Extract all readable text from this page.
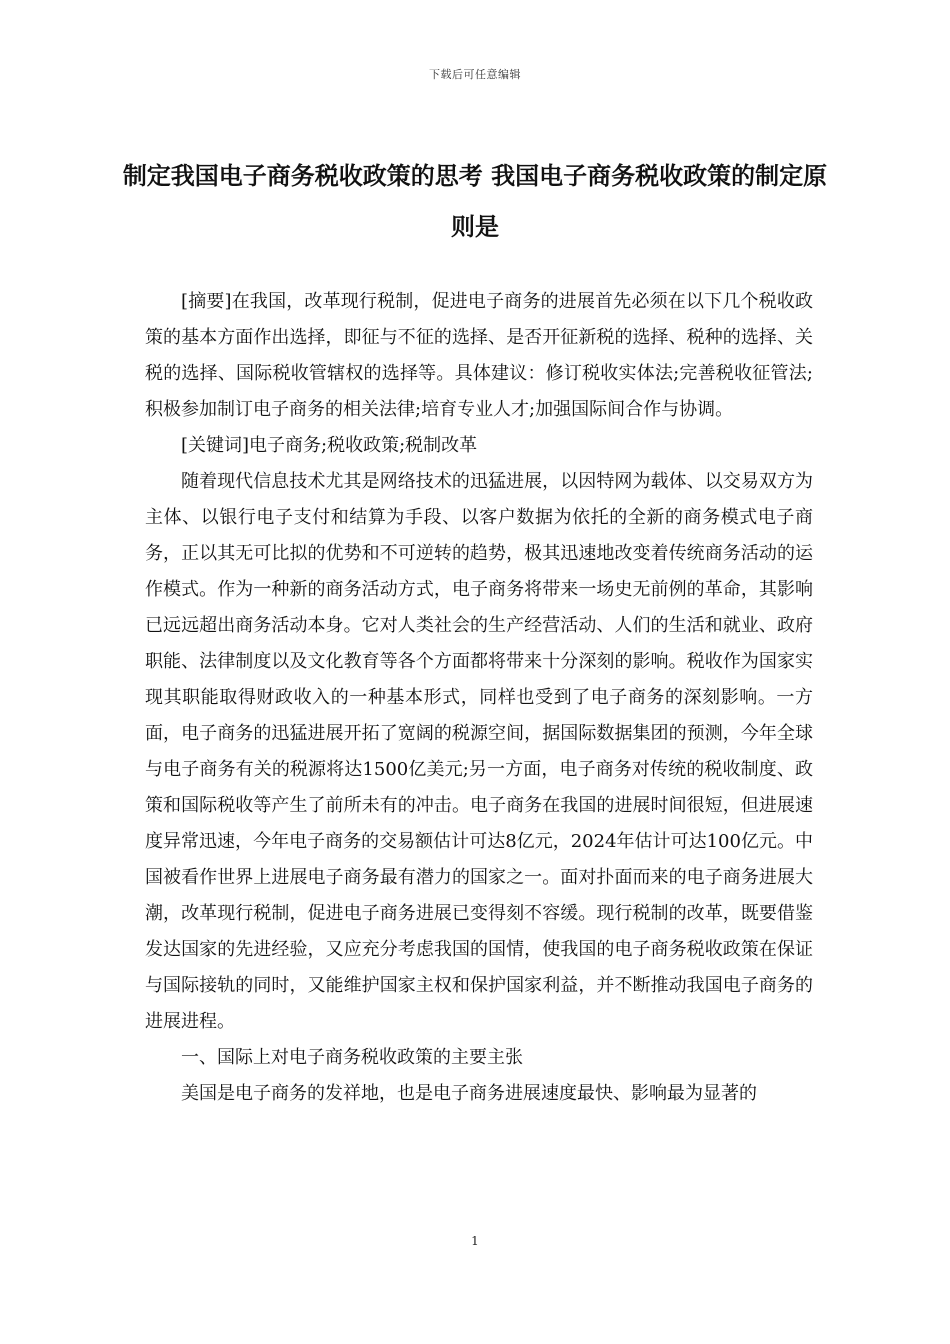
下载后可任意编辑
制定我国电子商务税收政策的思考 我国电子商务税收政策的制定原则是

[摘要]在我国，改革现行税制，促进电子商务的进展首先必须在以下几个税收政策的基本方面作出选择，即征与不征的选择、是否开征新税的选择、税种的选择、关税的选择、国际税收管辖权的选择等。具体建议：修订税收实体法;完善税收征管法;积极参加制订电子商务的相关法律;培育专业人才;加强国际间合作与协调。

[关键词]电子商务;税收政策;税制改革

随着现代信息技术尤其是网络技术的迅猛进展，以因特网为载体、以交易双方为主体、以银行电子支付和结算为手段、以客户数据为依托的全新的商务模式电子商务，正以其无可比拟的优势和不可逆转的趋势，极其迅速地改变着传统商务活动的运作模式。作为一种新的商务活动方式，电子商务将带来一场史无前例的革命，其影响已远远超出商务活动本身。它对人类社会的生产经营活动、人们的生活和就业、政府职能、法律制度以及文化教育等各个方面都将带来十分深刻的影响。税收作为国家实现其职能取得财政收入的一种基本形式，同样也受到了电子商务的深刻影响。一方面，电子商务的迅猛进展开拓了宽阔的税源空间，据国际数据集团的预测，今年全球与电子商务有关的税源将达1500亿美元;另一方面，电子商务对传统的税收制度、政策和国际税收等产生了前所未有的冲击。电子商务在我国的进展时间很短，但进展速度异常迅速，今年电子商务的交易额估计可达8亿元，2024年估计可达100亿元。中国被看作世界上进展电子商务最有潜力的国家之一。面对扑面而来的电子商务进展大潮，改革现行税制，促进电子商务进展已变得刻不容缓。现行税制的改革，既要借鉴发达国家的先进经验，又应充分考虑我国的国情，使我国的电子商务税收政策在保证与国际接轨的同时，又能维护国家主权和保护国家利益，并不断推动我国电子商务的进展进程。

一、国际上对电子商务税收政策的主要主张

美国是电子商务的发祥地，也是电子商务进展速度最快、影响最为显著的

1
